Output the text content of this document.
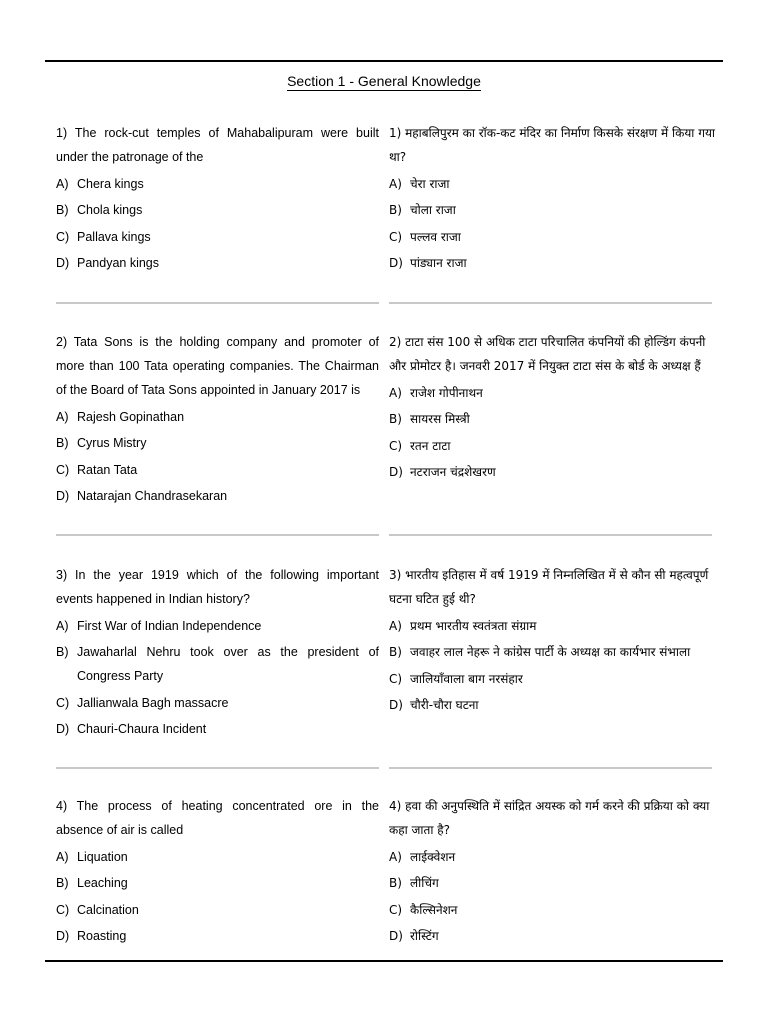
Section 1 - General Knowledge
1) The rock-cut temples of Mahabalipuram were built under the patronage of the
A) Chera kings
B) Chola kings
C) Pallava kings
D) Pandyan kings
1) महाबलिपुरम का रॉक-कट मंदिर का निर्माण किसके संरक्षण में किया गया था?
A) चेरा राजा
B) चोला राजा
C) पल्लव राजा
D) पांड्यान राजा
2) Tata Sons is the holding company and promoter of more than 100 Tata operating companies. The Chairman of the Board of Tata Sons appointed in January 2017 is
A) Rajesh Gopinathan
B) Cyrus Mistry
C) Ratan Tata
D) Natarajan Chandrasekaran
2) टाटा संस 100 से अधिक टाटा परिचालित कंपनियों की होल्डिंग कंपनी और प्रोमोटर है। जनवरी 2017 में नियुक्त टाटा संस के बोर्ड के अध्यक्ष हैं
A) राजेश गोपीनाथन
B) सायरस मिस्त्री
C) रतन टाटा
D) नटराजन चंद्रशेखरण
3) In the year 1919 which of the following important events happened in Indian history?
A) First War of Indian Independence
B) Jawaharlal Nehru took over as the president of Congress Party
C) Jallianwala Bagh massacre
D) Chauri-Chaura Incident
3) भारतीय इतिहास में वर्ष 1919 में निम्नलिखित में से कौन सी महत्वपूर्ण घटना घटित हुई थी?
A) प्रथम भारतीय स्वतंत्रता संग्राम
B) जवाहर लाल नेहरू ने कांग्रेस पार्टी के अध्यक्ष का कार्यभार संभाला
C) जालियाँवाला बाग नरसंहार
D) चौरी-चौरा घटना
4) The process of heating concentrated ore in the absence of air is called
A) Liquation
B) Leaching
C) Calcination
D) Roasting
4) हवा की अनुपस्थिति में सांद्रित अयस्क को गर्म करने की प्रक्रिया को क्या कहा जाता है?
A) लाईक्वेशन
B) लीचिंग
C) कैल्सिनेशन
D) रोस्टिंग
